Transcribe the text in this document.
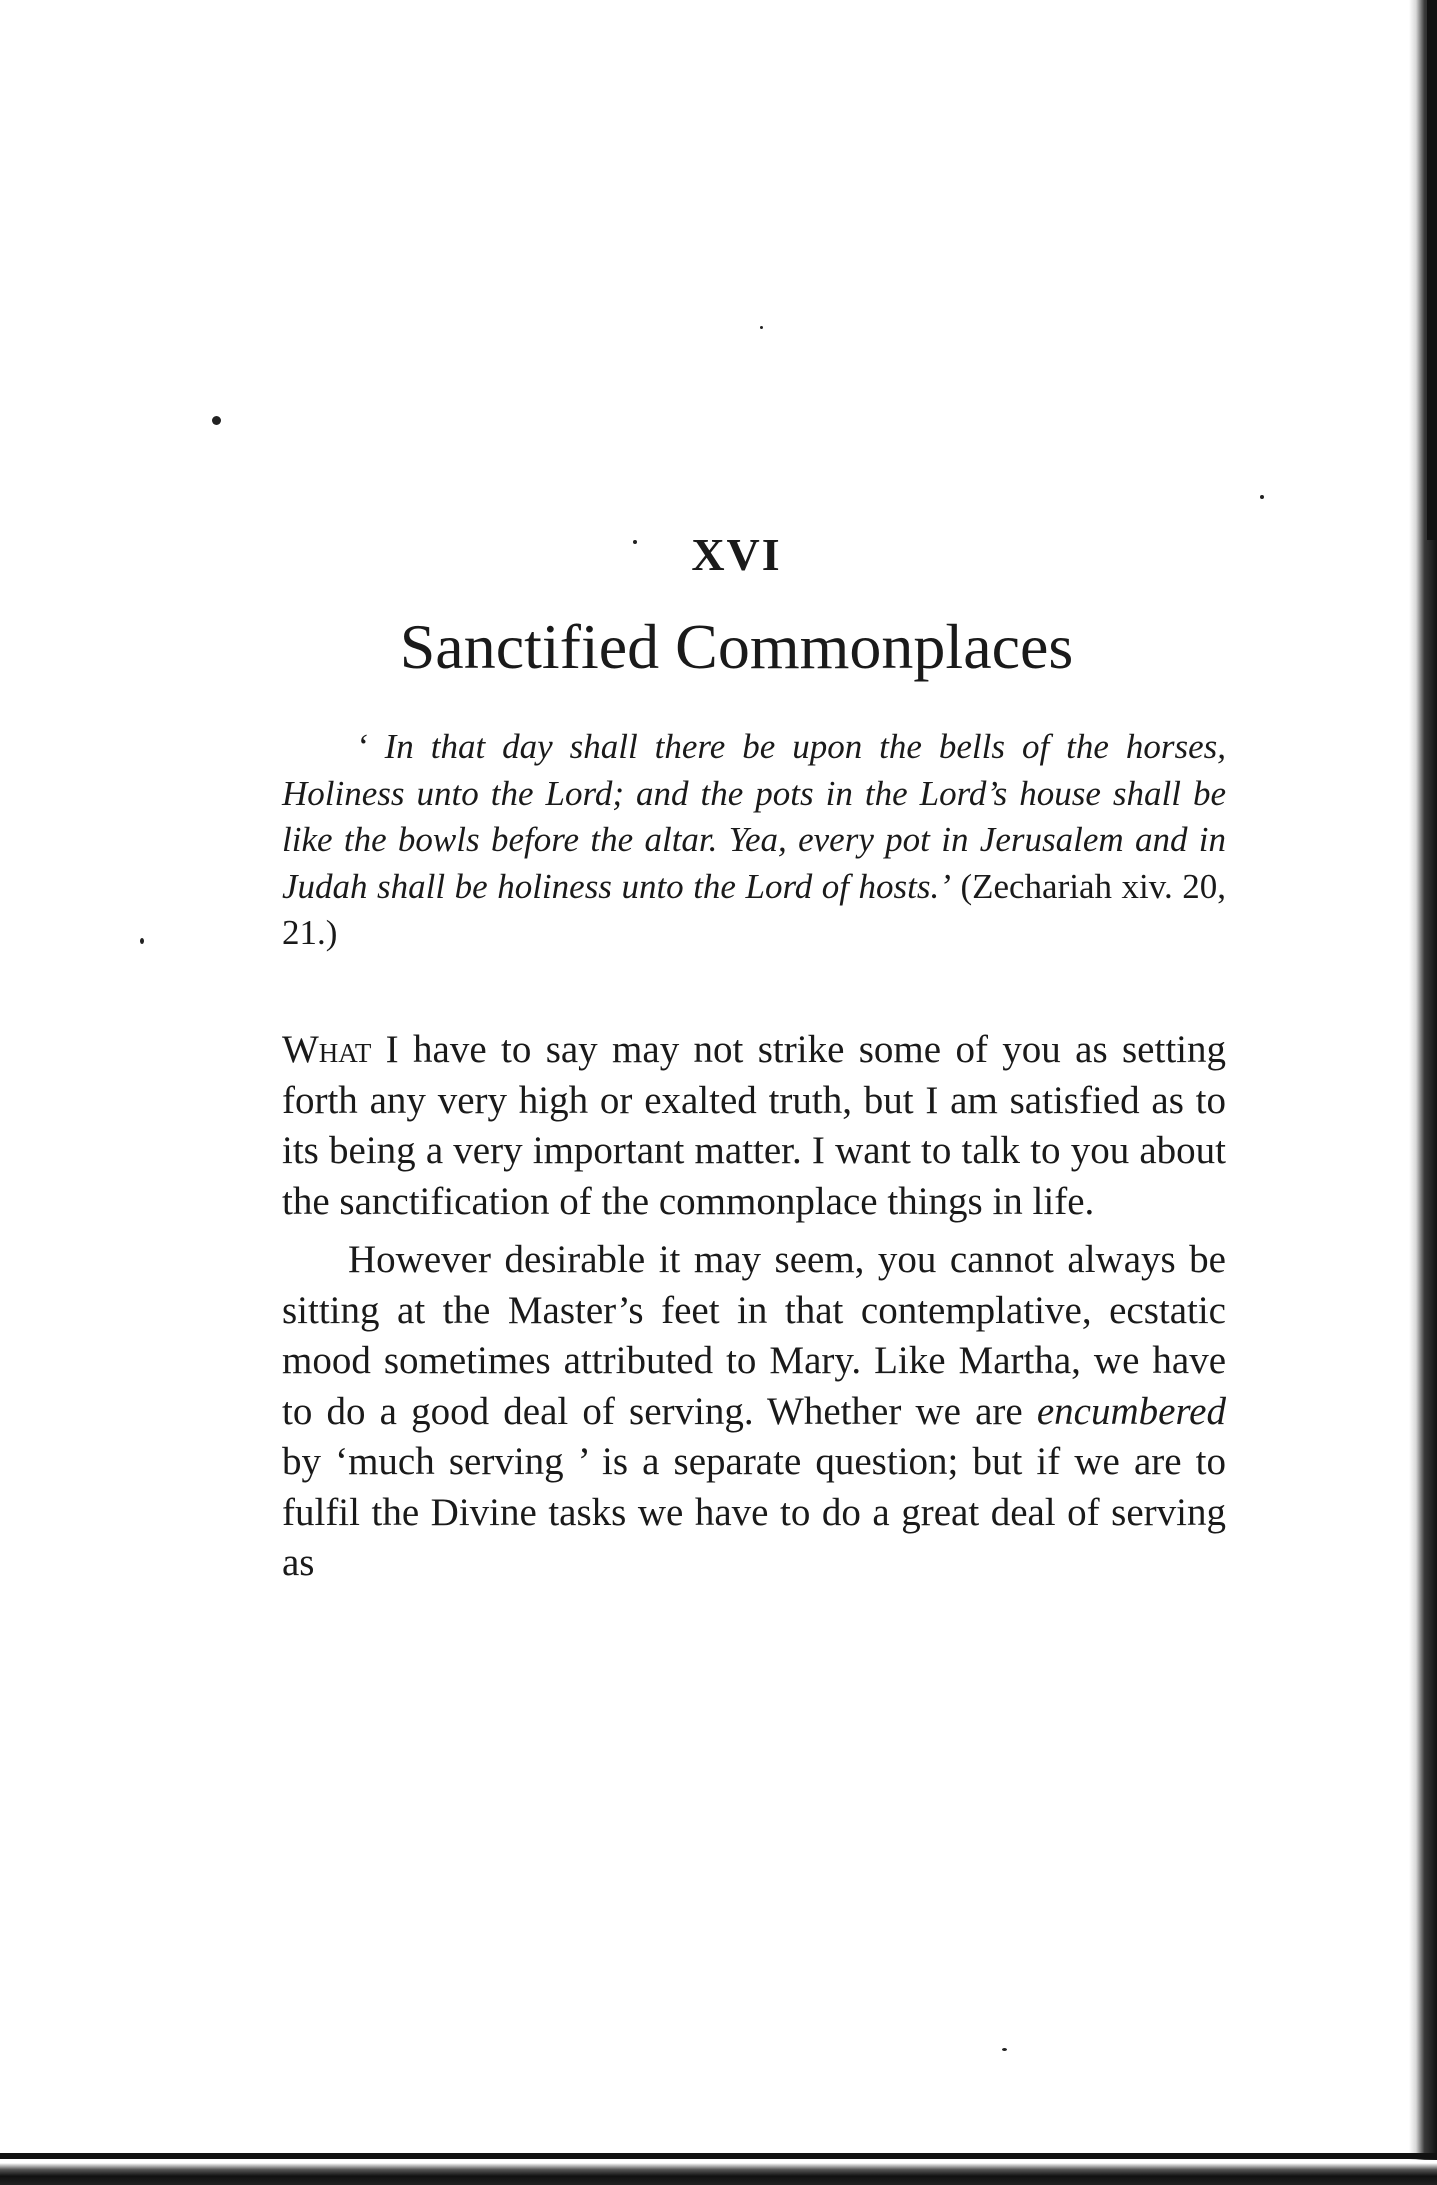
XVI
Sanctified Commonplaces

‘ In that day shall there be upon the bells of the horses, Holiness unto the Lord; and the pots in the Lord’s house shall be like the bowls before the altar. Yea, every pot in Jerusalem and in Judah shall be holiness unto the Lord of hosts.’ (Zechariah xiv. 20, 21.)

What I have to say may not strike some of you as setting forth any very high or exalted truth, but I am satisfied as to its being a very important matter. I want to talk to you about the sanctification of the commonplace things in life.

However desirable it may seem, you cannot always be sitting at the Master’s feet in that contemplative, ecstatic mood sometimes attributed to Mary. Like Martha, we have to do a good deal of serving. Whether we are encumbered by ‘much serving ’ is a separate question; but if we are to fulfil the Divine tasks we have to do a great deal of serving as
